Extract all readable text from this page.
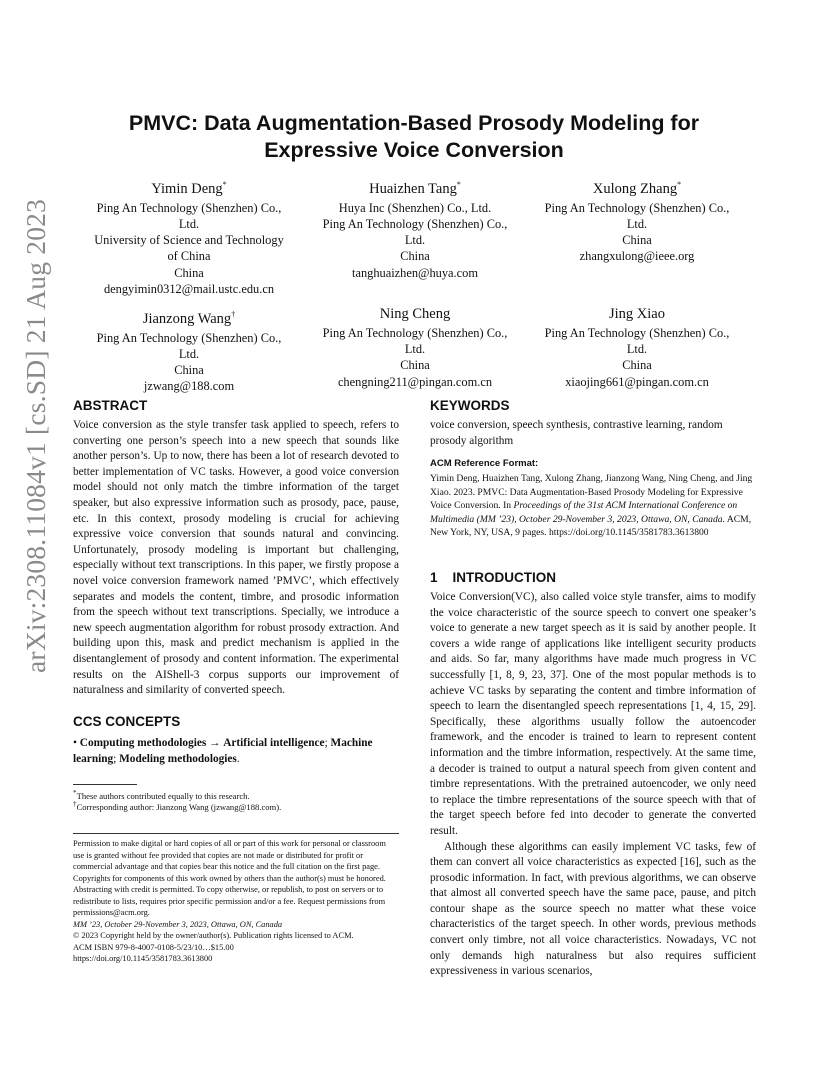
arXiv:2308.11084v1 [cs.SD] 21 Aug 2023
PMVC: Data Augmentation-Based Prosody Modeling for Expressive Voice Conversion
Yimin Deng*
Ping An Technology (Shenzhen) Co.,
Ltd.
University of Science and Technology
of China
China
dengyimin0312@mail.ustc.edu.cn
Huaizhen Tang*
Huya Inc (Shenzhen) Co., Ltd.
Ping An Technology (Shenzhen) Co.,
Ltd.
China
tanghuaizhen@huya.com
Xulong Zhang*
Ping An Technology (Shenzhen) Co.,
Ltd.
China
zhangxulong@ieee.org
Jianzong Wang†
Ping An Technology (Shenzhen) Co.,
Ltd.
China
jzwang@188.com
Ning Cheng
Ping An Technology (Shenzhen) Co.,
Ltd.
China
chengning211@pingan.com.cn
Jing Xiao
Ping An Technology (Shenzhen) Co.,
Ltd.
China
xiaojing661@pingan.com.cn
ABSTRACT
Voice conversion as the style transfer task applied to speech, refers to converting one person’s speech into a new speech that sounds like another person’s. Up to now, there has been a lot of research devoted to better implementation of VC tasks. However, a good voice conversion model should not only match the timbre information of the target speaker, but also expressive information such as prosody, pace, pause, etc. In this context, prosody modeling is crucial for achieving expressive voice conversion that sounds natural and convincing. Unfortunately, prosody modeling is important but challenging, especially without text transcriptions. In this paper, we firstly propose a novel voice conversion framework named ’PMVC’, which effectively separates and models the content, timbre, and prosodic information from the speech without text transcriptions. Specially, we introduce a new speech augmentation algorithm for robust prosody extraction. And building upon this, mask and predict mechanism is applied in the disentanglement of prosody and content information. The experimental results on the AIShell-3 corpus supports our improvement of naturalness and similarity of converted speech.
CCS CONCEPTS
• Computing methodologies → Artificial intelligence; Machine learning; Modeling methodologies.
*These authors contributed equally to this research.
†Corresponding author: Jianzong Wang (jzwang@188.com).

Permission to make digital or hard copies of all or part of this work for personal or classroom use is granted without fee provided that copies are not made or distributed for profit or commercial advantage and that copies bear this notice and the full citation on the first page. Copyrights for components of this work owned by others than the author(s) must be honored. Abstracting with credit is permitted. To copy otherwise, or republish, to post on servers or to redistribute to lists, requires prior specific permission and/or a fee. Request permissions from permissions@acm.org.

MM ’23, October 29-November 3, 2023, Ottawa, ON, Canada

© 2023 Copyright held by the owner/author(s). Publication rights licensed to ACM.

ACM ISBN 979-8-4007-0108-5/23/10…$15.00

https://doi.org/10.1145/3581783.3613800

KEYWORDS
voice conversion, speech synthesis, contrastive learning, random prosody algorithm
ACM Reference Format:
Yimin Deng, Huaizhen Tang, Xulong Zhang, Jianzong Wang, Ning Cheng, and Jing Xiao. 2023. PMVC: Data Augmentation-Based Prosody Modeling for Expressive Voice Conversion. In Proceedings of the 31st ACM International Conference on Multimedia (MM ’23), October 29-November 3, 2023, Ottawa, ON, Canada. ACM, New York, NY, USA, 9 pages. https://doi.org/10.1145/3581783.3613800
1 INTRODUCTION

Voice Conversion(VC), also called voice style transfer, aims to modify the voice characteristic of the source speech to convert one speaker’s voice to generate a new target speech as it is said by another people. It covers a wide range of applications like intelligent security products and aids. So far, many algorithms have made much progress in VC successfully [1, 8, 9, 23, 37]. One of the most popular methods is to achieve VC tasks by separating the content and timbre information of speech to learn the disentangled speech representations [1, 4, 15, 29]. Specifically, these algorithms usually follow the autoencoder framework, and the encoder is trained to learn to represent content information and the timbre information, respectively. At the same time, a decoder is trained to output a natural speech from given content and timbre representations. With the pretrained autoencoder, we only need to replace the timbre representations of the source speech with that of the target speech before fed into decoder to generate the converted result.

Although these algorithms can easily implement VC tasks, few of them can convert all voice characteristics as expected [16], such as the prosodic information. In fact, with previous algorithms, we can observe that almost all converted speech have the same pace, pause, and pitch contour shape as the source speech no matter what these voice characteristics of the target speech. In other words, previous methods convert only timbre, not all voice characteristics. Nowadays, VC not only demands high naturalness but also requires sufficient expressiveness in various scenarios,
